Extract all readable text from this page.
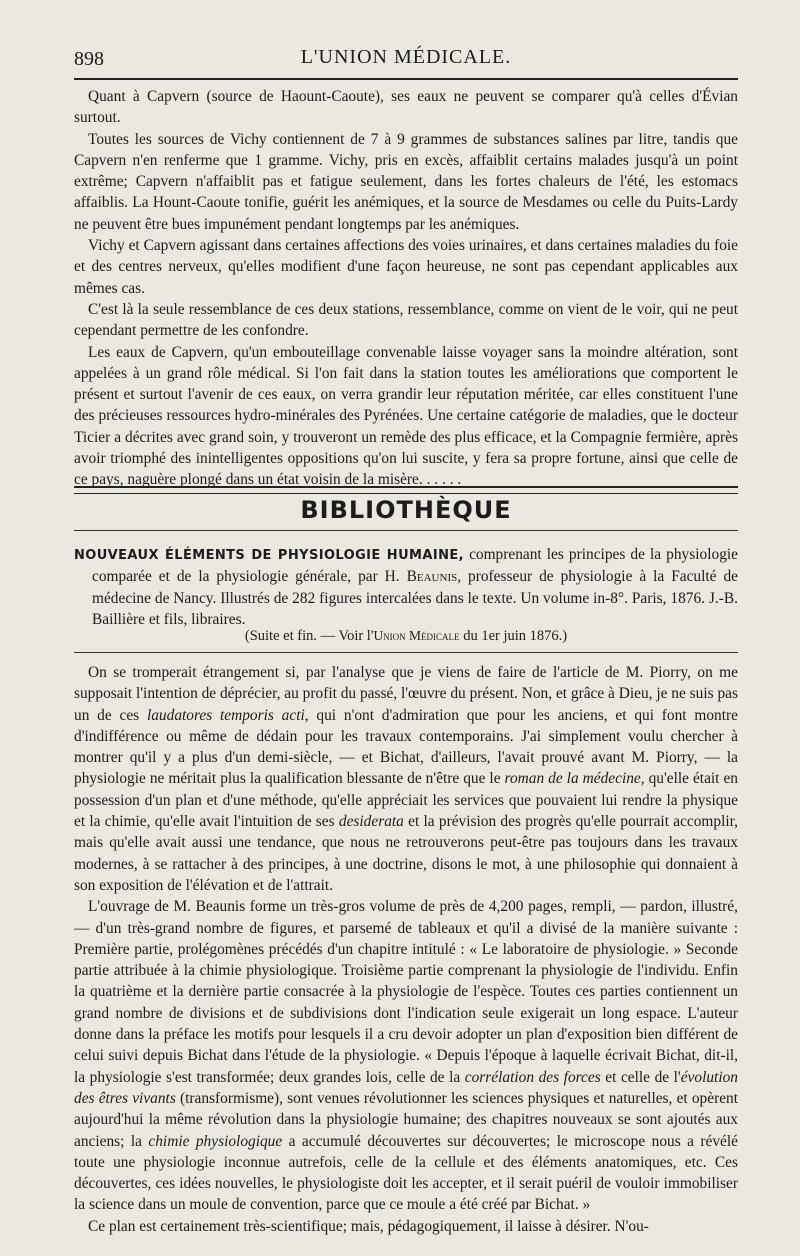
898	L'UNION MÉDICALE.

Quant à Capvern (source de Haount-Caoute), ses eaux ne peuvent se comparer qu'à celles d'Évian surtout.

Toutes les sources de Vichy contiennent de 7 à 9 grammes de substances salines par litre, tandis que Capvern n'en renferme que 1 gramme. Vichy, pris en excès, affaiblit certains malades jusqu'à un point extrême; Capvern n'affaiblit pas et fatigue seulement, dans les fortes chaleurs de l'été, les estomacs affaiblis. La Hount-Caoute tonifie, guérit les anémiques, et la source de Mesdames ou celle du Puits-Lardy ne peuvent être bues impunément pendant longtemps par les anémiques.

Vichy et Capvern agissant dans certaines affections des voies urinaires, et dans certaines maladies du foie et des centres nerveux, qu'elles modifient d'une façon heureuse, ne sont pas cependant applicables aux mêmes cas.

C'est là la seule ressemblance de ces deux stations, ressemblance, comme on vient de le voir, qui ne peut cependant permettre de les confondre.

Les eaux de Capvern, qu'un embouteillage convenable laisse voyager sans la moindre altération, sont appelées à un grand rôle médical. Si l'on fait dans la station toutes les améliorations que comportent le présent et surtout l'avenir de ces eaux, on verra grandir leur réputation méritée, car elles constituent l'une des précieuses ressources hydro-minérales des Pyrénées. Une certaine catégorie de maladies, que le docteur Ticier a décrites avec grand soin, y trouveront un remède des plus efficace, et la Compagnie fermière, après avoir triomphé des inintelligentes oppositions qu'on lui suscite, y fera sa propre fortune, ainsi que celle de ce pays, naguère plongé dans un état voisin de la misère. . . . . .

BIBLIOTHÈQUE

NOUVEAUX ÉLÉMENTS DE PHYSIOLOGIE HUMAINE, comprenant les principes de la physiologie comparée et de la physiologie générale, par H. Beaunis, professeur de physiologie à la Faculté de médecine de Nancy. Illustrés de 282 figures intercalées dans le texte. Un volume in-8°. Paris, 1876. J.-B. Baillière et fils, libraires.

(Suite et fin. — Voir l'Union Médicale du 1er juin 1876.)

On se tromperait étrangement si, par l'analyse que je viens de faire de l'article de M. Piorry, on me supposait l'intention de déprécier, au profit du passé, l'œuvre du présent. Non, et grâce à Dieu, je ne suis pas un de ces laudatores temporis acti, qui n'ont d'admiration que pour les anciens, et qui font montre d'indifférence ou même de dédain pour les travaux contemporains. J'ai simplement voulu chercher à montrer qu'il y a plus d'un demi-siècle, — et Bichat, d'ailleurs, l'avait prouvé avant M. Piorry, — la physiologie ne méritait plus la qualification blessante de n'être que le roman de la médecine, qu'elle était en possession d'un plan et d'une méthode, qu'elle appréciait les services que pouvaient lui rendre la physique et la chimie, qu'elle avait l'intuition de ses desiderata et la prévision des progrès qu'elle pourrait accomplir, mais qu'elle avait aussi une tendance, que nous ne retrouverons peut-être pas toujours dans les travaux modernes, à se rattacher à des principes, à une doctrine, disons le mot, à une philosophie qui donnaient à son exposition de l'élévation et de l'attrait.

L'ouvrage de M. Beaunis forme un très-gros volume de près de 4,200 pages, rempli, — pardon, illustré, — d'un très-grand nombre de figures, et parsemé de tableaux et qu'il a divisé de la manière suivante : Première partie, prolégomènes précédés d'un chapitre intitulé : « Le laboratoire de physiologie. » Seconde partie attribuée à la chimie physiologique. Troisième partie comprenant la physiologie de l'individu. Enfin la quatrième et la dernière partie consacrée à la physiologie de l'espèce. Toutes ces parties contiennent un grand nombre de divisions et de subdivisions dont l'indication seule exigerait un long espace. L'auteur donne dans la préface les motifs pour lesquels il a cru devoir adopter un plan d'exposition bien différent de celui suivi depuis Bichat dans l'étude de la physiologie. « Depuis l'époque à laquelle écrivait Bichat, dit-il, la physiologie s'est transformée; deux grandes lois, celle de la corrélation des forces et celle de l'évolution des êtres vivants (transformisme), sont venues révolutionner les sciences physiques et naturelles, et opèrent aujourd'hui la même révolution dans la physiologie humaine; des chapitres nouveaux se sont ajoutés aux anciens; la chimie physiologique a accumulé découvertes sur découvertes; le microscope nous a révélé toute une physiologie inconnue autrefois, celle de la cellule et des éléments anatomiques, etc. Ces découvertes, ces idées nouvelles, le physiologiste doit les accepter, et il serait puéril de vouloir immobiliser la science dans un moule de convention, parce que ce moule a été créé par Bichat. »

Ce plan est certainement très-scientifique; mais, pédagogiquement, il laisse à désirer. N'ou-
